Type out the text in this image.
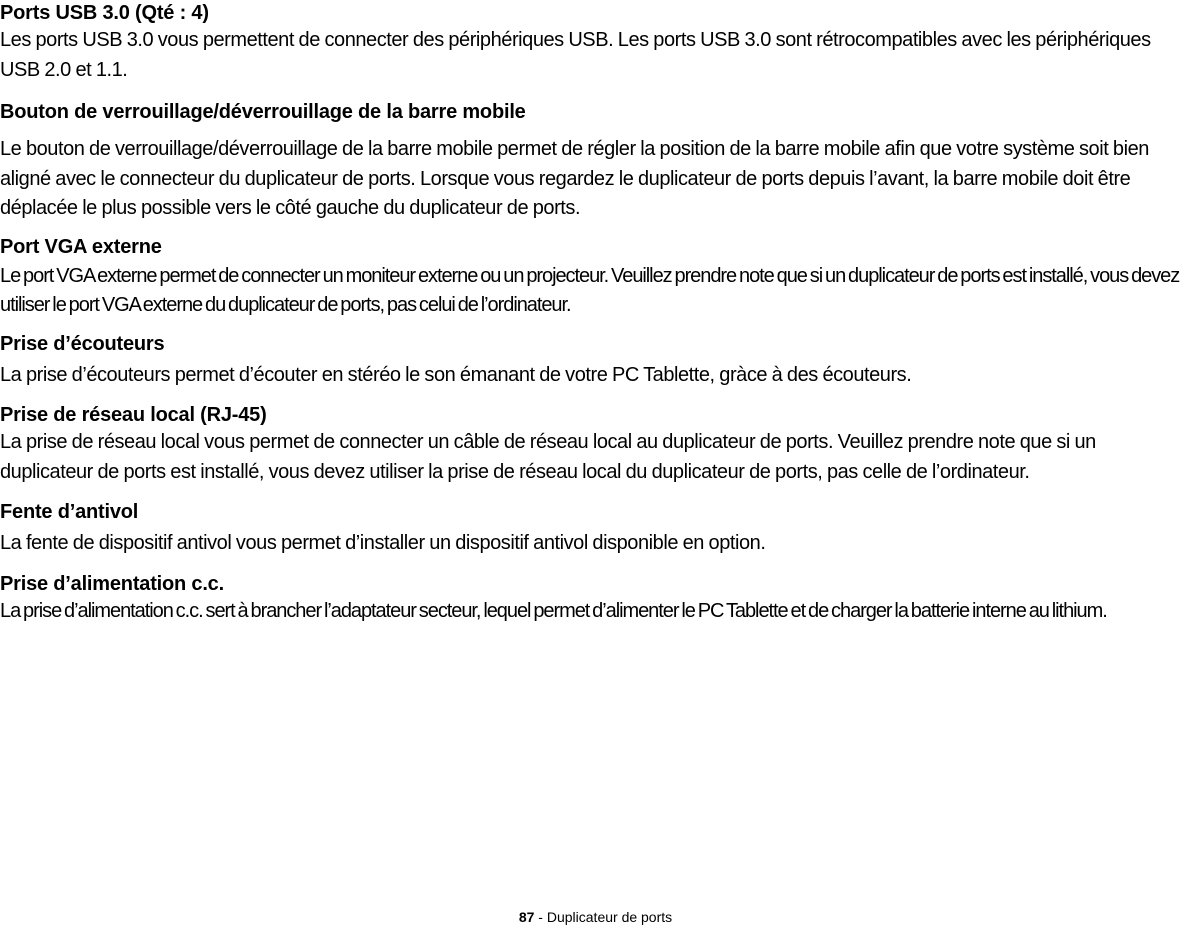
Ports USB 3.0 (Qté : 4)

Les ports USB 3.0 vous permettent de connecter des périphériques USB. Les ports USB 3.0 sont rétrocompatibles avec les périphériques USB 2.0 et 1.1.

Bouton de verrouillage/déverrouillage de la barre mobile

Le bouton de verrouillage/déverrouillage de la barre mobile permet de régler la position de la barre mobile afin que votre système soit bien aligné avec le connecteur du duplicateur de ports. Lorsque vous regardez le duplicateur de ports depuis l’avant, la barre mobile doit être déplacée le plus possible vers le côté gauche du duplicateur de ports.

Port VGA externe

Le port VGA externe permet de connecter un moniteur externe ou un projecteur. Veuillez prendre note que si un duplicateur de ports est installé, vous devez utiliser le port VGA externe du duplicateur de ports, pas celui de l’ordinateur.

Prise d’écouteurs

La prise d’écouteurs permet d’écouter en stéréo le son émanant de votre PC Tablette, gràce à des écouteurs.

Prise de réseau local (RJ-45)

La prise de réseau local vous permet de connecter un câble de réseau local au duplicateur de ports. Veuillez prendre note que si un duplicateur de ports est installé, vous devez utiliser la prise de réseau local du duplicateur de ports, pas celle de l’ordinateur.

Fente d’antivol

La fente de dispositif antivol vous permet d’installer un dispositif antivol disponible en option.

Prise d’alimentation c.c.

La prise d’alimentation c.c. sert à brancher l’adaptateur secteur, lequel permet d’alimenter le PC Tablette et de charger la batterie interne au lithium.

87 - Duplicateur de ports
